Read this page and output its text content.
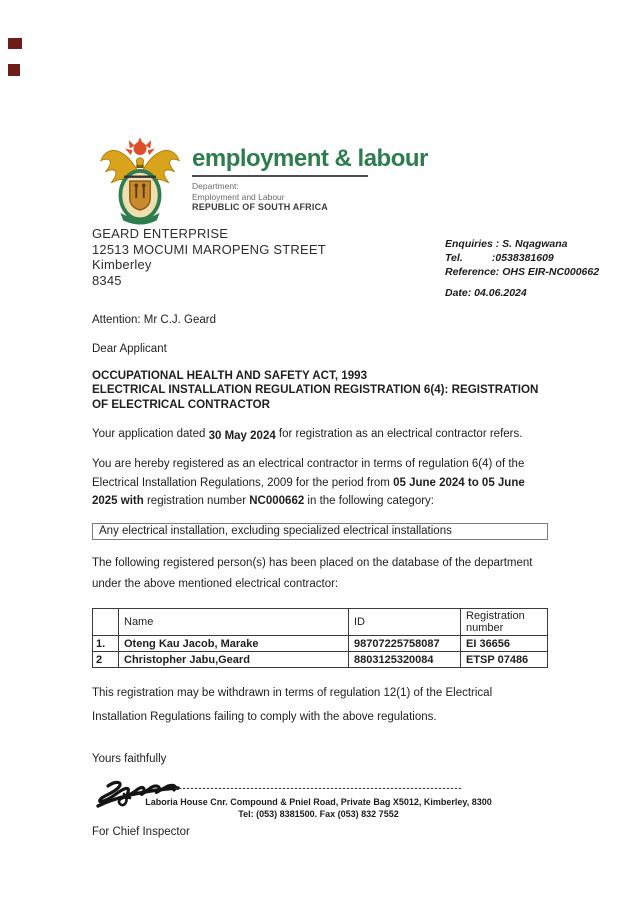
employment & labour
Department:
Employment and Labour
REPUBLIC OF SOUTH AFRICA
GEARD ENTERPRISE
12513 MOCUMI MAROPENG STREET
Kimberley
8345
Enquiries : S. Nqagwana
Tel.          :0538381609
Reference: OHS EIR-NC000662
Date: 04.06.2024

Attention: Mr C.J. Geard

Dear Applicant

OCCUPATIONAL HEALTH AND SAFETY ACT, 1993
ELECTRICAL INSTALLATION REGULATION REGISTRATION 6(4): REGISTRATION
OF ELECTRICAL CONTRACTOR

Your application dated 30 May 2024 for registration as an electrical contractor refers.

You are hereby registered as an electrical contractor in terms of regulation 6(4) of the Electrical Installation Regulations, 2009 for the period from 05 June 2024 to 05 June 2025 with registration number NC000662 in the following category:

Any electrical installation, excluding specialized electrical installations

The following registered person(s) has been placed on the database of the department under the above mentioned electrical contractor:

	Name	ID	Registration number
1.	Oteng Kau Jacob, Marake	98707225758087	EI 36656
2	Christopher Jabu,Geard	8803125320084	ETSP 07486

This registration may be withdrawn in terms of regulation 12(1) of the Electrical Installation Regulations failing to comply with the above regulations.

Yours faithfully

For Chief Inspector

------------------------------------------------------------------------
Laboria House Cnr. Compound & Pniel Road, Private Bag X5012, Kimberley, 8300
Tel: (053) 8381500. Fax (053) 832 7552
